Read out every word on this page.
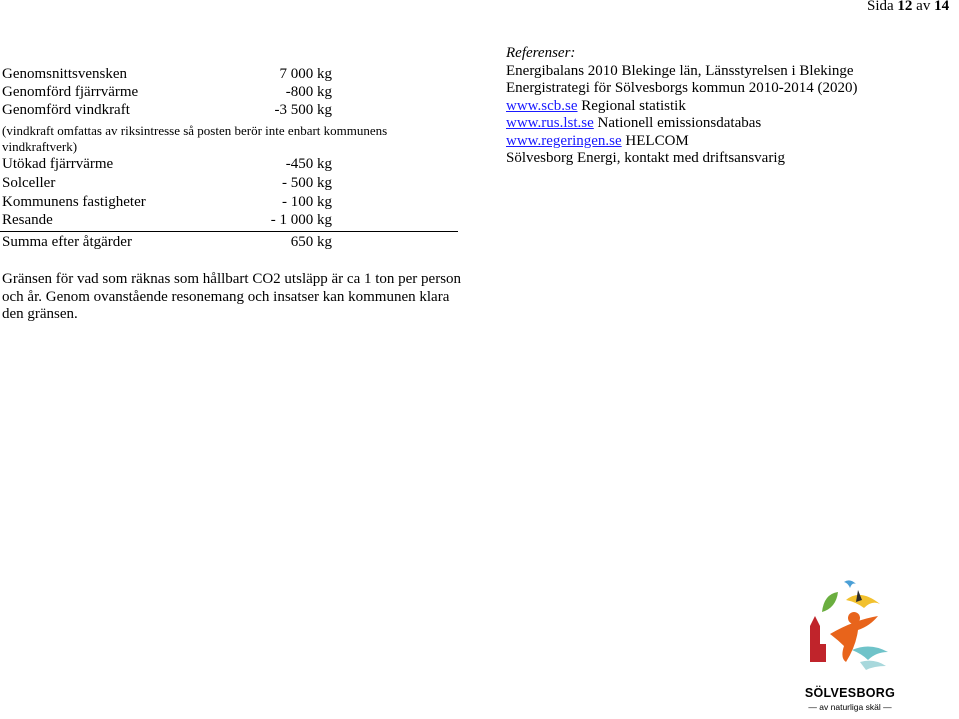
Sida 12 av 14
Genomsnittsvensken	7 000 kg
Genomförd fjärrvärme	-800 kg
Genomförd vindkraft	-3 500 kg
(vindkraft omfattas av riksintresse så posten berör inte enbart kommunens
vindkraftverk)
Utökad fjärrvärme	-450 kg
Solceller	- 500 kg
Kommunens fastigheter	- 100 kg
Resande	- 1 000 kg
Summa efter åtgärder	650 kg
Gränsen för vad som räknas som hållbart CO2 utsläpp är ca 1 ton per person och år. Genom ovanstående resonemang och insatser kan kommunen klara den gränsen.
Referenser:
Energibalans 2010 Blekinge län, Länsstyrelsen i Blekinge
Energistrategi för Sölvesborgs kommun 2010-2014 (2020)
www.scb.se Regional statistik
www.rus.lst.se Nationell emissionsdatabas
www.regeringen.se HELCOM
Sölvesborg Energi, kontakt med driftsansvarig
SÖLVESBORG
— av naturliga skäl —
